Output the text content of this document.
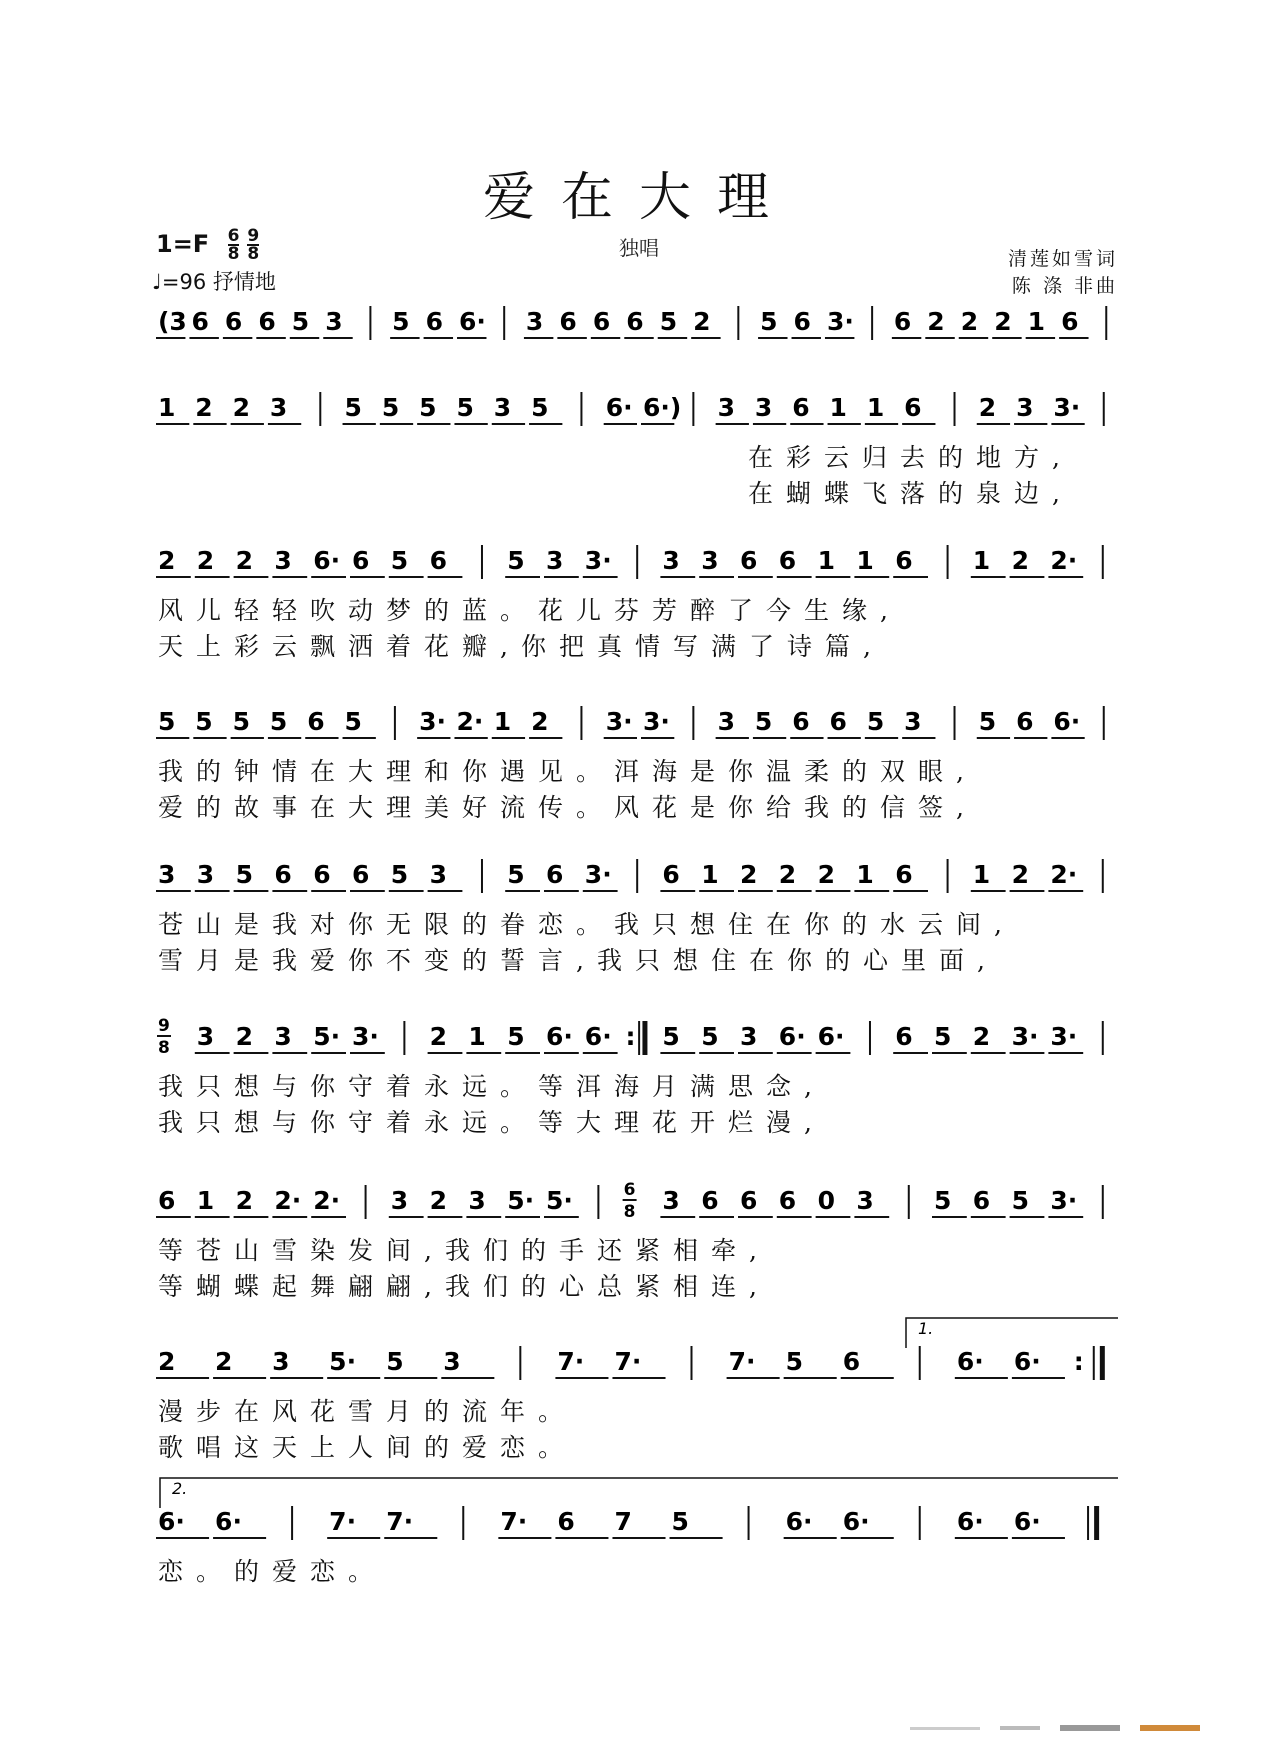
爱在大理
独唱
$1=F \frac{6}{8} \frac{9}{8}$
♩=96 抒情地
清莲如雪词
陈 涤 非曲
(3 6 6 6 5 3 5 6 6· 3 6 6 6 5 2 5 6 3· 6 2 2 2 1 6
1 2 2 3 5 5 5 5 3 5 6· 6·) 3 3 6 1 1 6 2 3 3·
在彩云归去的地方,
在蝴蝶飞落的泉边,
2 2 2 3 6· 6 5 6 5 3 3· 3 3 6 6 1 1 6 1 2 2·
风儿轻轻吹动梦的蓝。花儿芬芳醉了今生缘,
天上彩云飘洒着花瓣,你把真情写满了诗篇,
5 5 5 5 6 5 3· 2· 1 2 3· 3· 3 5 6 6 5 3 5 6 6·
我的钟情在大理和你遇见。洱海是你温柔的双眼,
爱的故事在大理美好流传。风花是你给我的信签,
3 3 5 6 6 6 5 3 5 6 3· 6 1 2 2 2 1 6 1 2 2·
苍山是我对你无限的眷恋。我只想住在你的水云间,
雪月是我爱你不变的誓言,我只想住在你的心里面,
9
8 3 2 3 5· 3· 2 1 5 6· 6· : 5 5 3 6· 6· 6 5 2 3· 3·
我只想与你守着永远。等洱海月满思念,
我只想与你守着永远。等大理花开烂漫,
6 1 2 2· 2· 3 2 3 5· 5·	6
8 3 6 6 6 0 3 5 6 5 3·
等苍山雪染发间,我们的手还紧相牵,
等蝴蝶起舞翩翩,我们的心总紧相连,
2 2 3 5· 5 3	7· 7·	7· 5 6	6· 6· :
1.
漫步在风花雪月的流年。
歌唱这天上人间的爱恋。
6· 6·	7· 7·	7· 6 7 5	6· 6·	6· 6·
2.
恋。的爱恋。
